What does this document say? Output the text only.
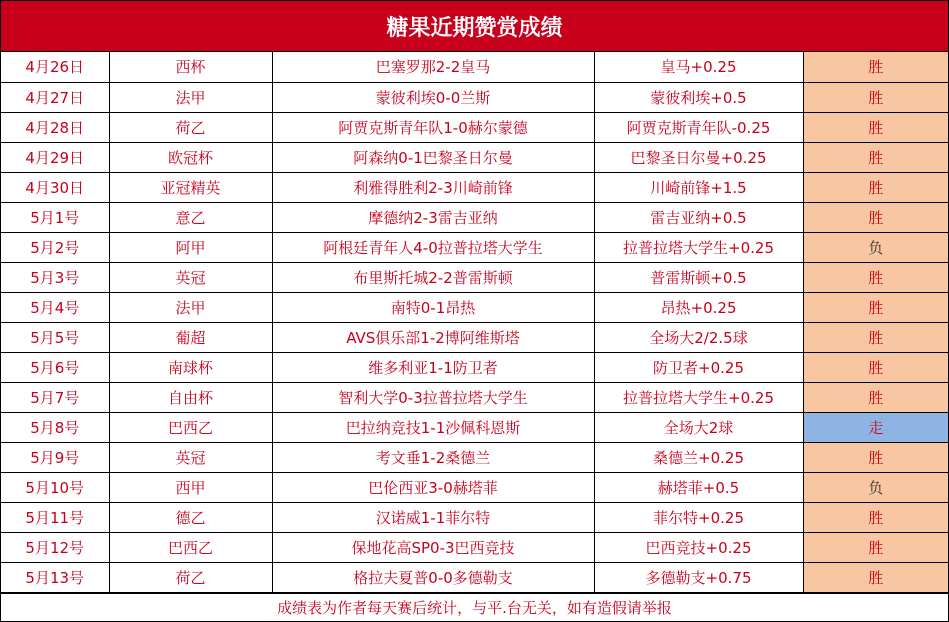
糖果近期赞赏成绩
4月26日	西杯	巴塞罗那2-2皇马	皇马+0.25	胜
4月27日	法甲	蒙彼利埃0-0兰斯	蒙彼利埃+0.5	胜
4月28日	荷乙	阿贾克斯青年队1-0赫尔蒙德	阿贾克斯青年队-0.25	胜
4月29日	欧冠杯	阿森纳0-1巴黎圣日尔曼	巴黎圣日尔曼+0.25	胜
4月30日	亚冠精英	利雅得胜利2-3川崎前锋	川崎前锋+1.5	胜
5月1号	意乙	摩德纳2-3雷吉亚纳	雷吉亚纳+0.5	胜
5月2号	阿甲	阿根廷青年人4-0拉普拉塔大学生	拉普拉塔大学生+0.25	负
5月3号	英冠	布里斯托城2-2普雷斯顿	普雷斯顿+0.5	胜
5月4号	法甲	南特0-1昂热	昂热+0.25	胜
5月5号	葡超	AVS俱乐部1-2博阿维斯塔	全场大2/2.5球	胜
5月6号	南球杯	维多利亚1-1防卫者	防卫者+0.25	胜
5月7号	自由杯	智利大学0-3拉普拉塔大学生	拉普拉塔大学生+0.25	胜
5月8号	巴西乙	巴拉纳竞技1-1沙佩科恩斯	全场大2球	走
5月9号	英冠	考文垂1-2桑德兰	桑德兰+0.25	胜
5月10号	西甲	巴伦西亚3-0赫塔菲	赫塔菲+0.5	负
5月11号	德乙	汉诺威1-1菲尔特	菲尔特+0.25	胜
5月12号	巴西乙	保地花高SP0-3巴西竞技	巴西竞技+0.25	胜
5月13号	荷乙	格拉夫夏普0-0多德勒支	多德勒支+0.75	胜
成绩表为作者每天赛后统计，与平.台无关，如有造假请举报
